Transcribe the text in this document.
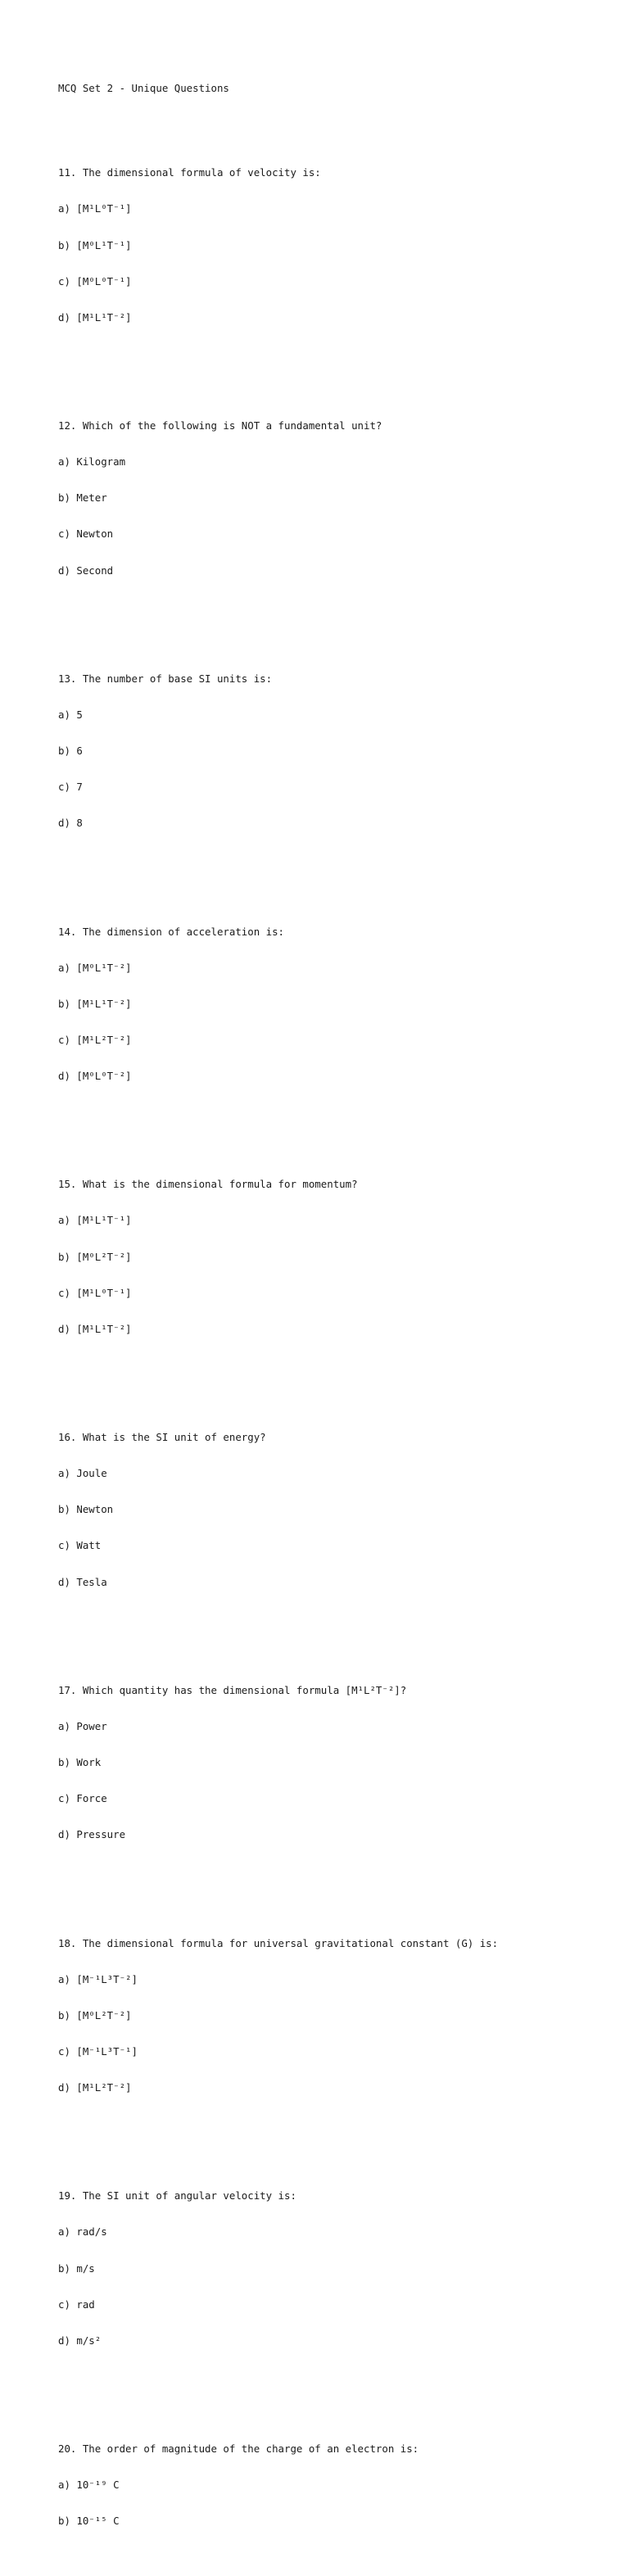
MCQ Set 2 - Unique Questions

11. The dimensional formula of velocity is:

a) [M¹L⁰T⁻¹]

b) [M⁰L¹T⁻¹]

c) [M⁰L⁰T⁻¹]

d) [M¹L¹T⁻²]

12. Which of the following is NOT a fundamental unit?

a) Kilogram

b) Meter

c) Newton

d) Second

13. The number of base SI units is:

a) 5

b) 6

c) 7

d) 8

14. The dimension of acceleration is:

a) [M⁰L¹T⁻²]

b) [M¹L¹T⁻²]

c) [M¹L²T⁻²]

d) [M⁰L⁰T⁻²]

15. What is the dimensional formula for momentum?

a) [M¹L¹T⁻¹]

b) [M⁰L²T⁻²]

c) [M¹L⁰T⁻¹]

d) [M¹L¹T⁻²]

16. What is the SI unit of energy?

a) Joule

b) Newton

c) Watt

d) Tesla

17. Which quantity has the dimensional formula [M¹L²T⁻²]?

a) Power

b) Work

c) Force

d) Pressure

18. The dimensional formula for universal gravitational constant (G) is:

a) [M⁻¹L³T⁻²]

b) [M⁰L²T⁻²]

c) [M⁻¹L³T⁻¹]

d) [M¹L²T⁻²]

19. The SI unit of angular velocity is:

a) rad/s

b) m/s

c) rad

d) m/s²

20. The order of magnitude of the charge of an electron is:

a) 10⁻¹⁹ C

b) 10⁻¹⁵ C
